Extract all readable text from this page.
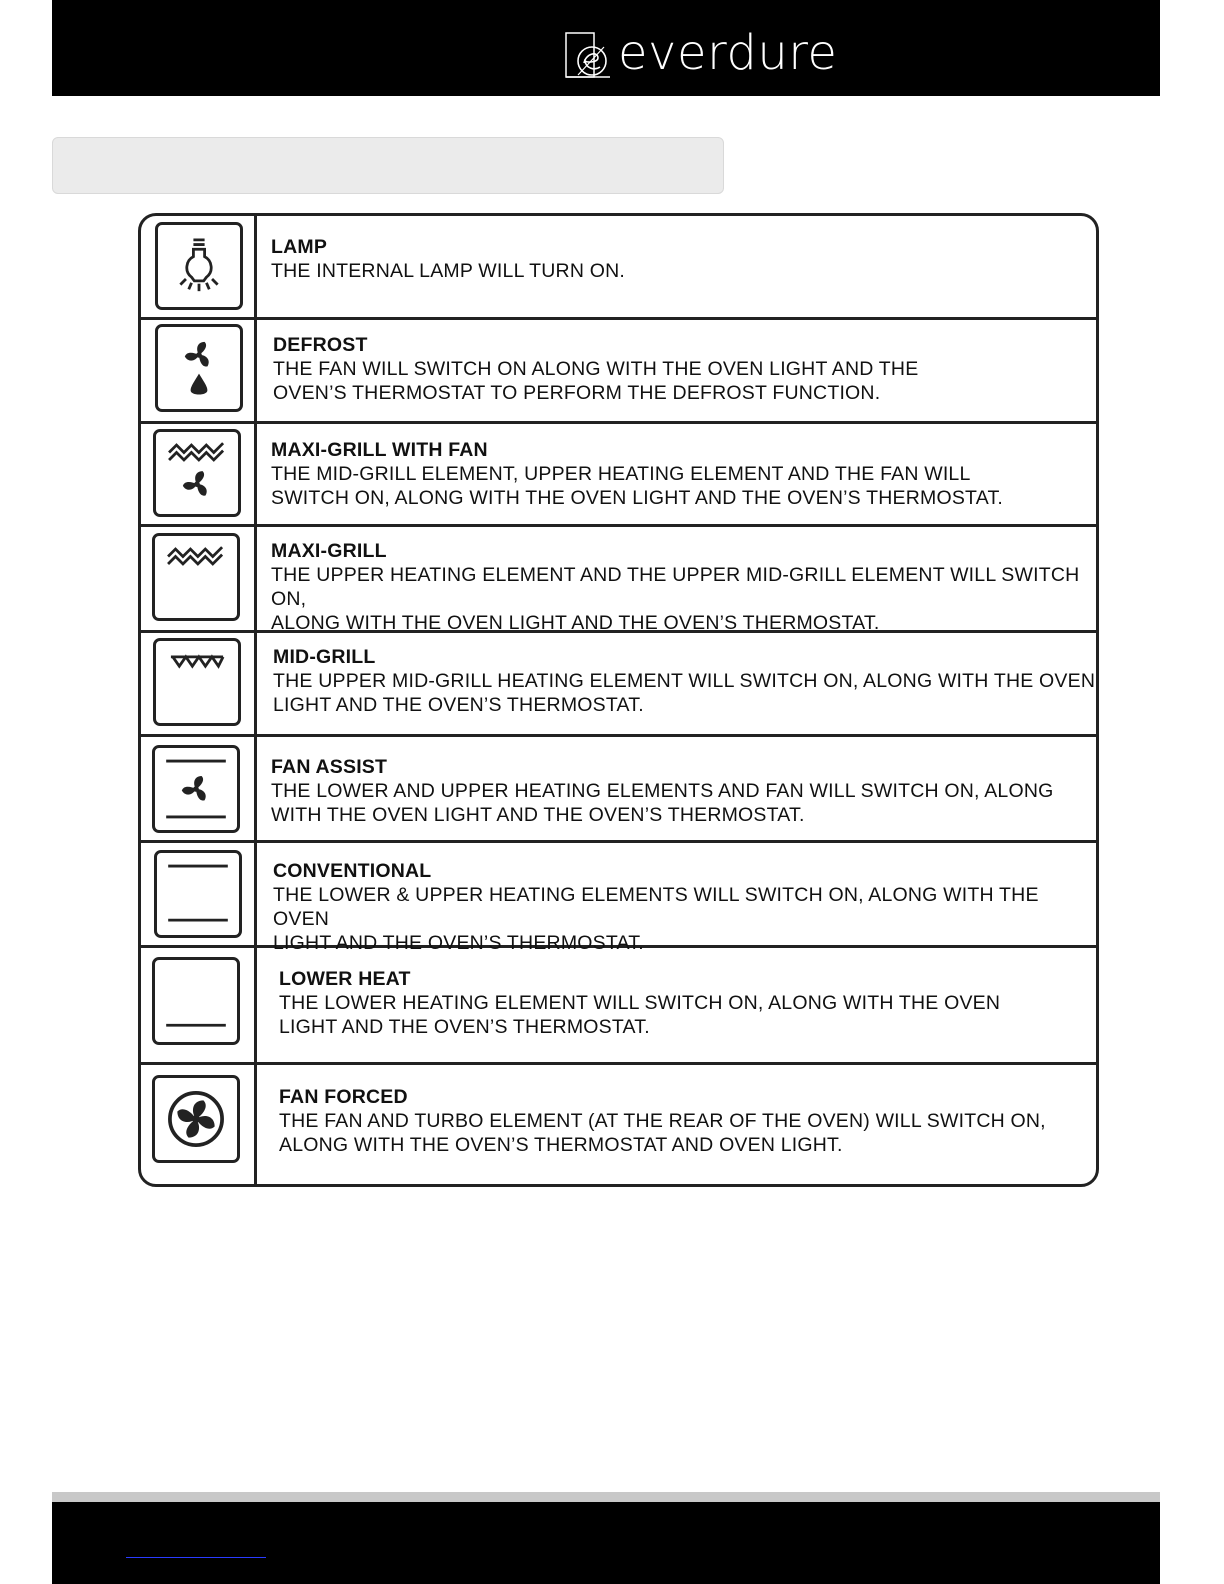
everdure
LAMP
THE INTERNAL LAMP WILL TURN ON.
DEFROST
THE FAN WILL SWITCH ON ALONG WITH THE OVEN LIGHT AND THE
OVEN’S THERMOSTAT TO PERFORM THE DEFROST FUNCTION.
MAXI-GRILL WITH FAN
THE MID-GRILL ELEMENT, UPPER HEATING ELEMENT AND THE FAN WILL
SWITCH ON, ALONG WITH THE OVEN LIGHT AND THE OVEN’S THERMOSTAT.
MAXI-GRILL
THE UPPER HEATING ELEMENT AND THE UPPER MID-GRILL ELEMENT WILL SWITCH ON,
ALONG WITH THE OVEN LIGHT AND THE OVEN’S THERMOSTAT.
MID-GRILL
THE UPPER MID-GRILL HEATING ELEMENT WILL SWITCH ON, ALONG WITH THE OVEN
LIGHT AND THE OVEN’S THERMOSTAT.
FAN ASSIST
THE LOWER AND UPPER HEATING ELEMENTS AND FAN WILL SWITCH ON, ALONG
WITH THE OVEN LIGHT AND THE OVEN’S THERMOSTAT.
CONVENTIONAL
THE LOWER & UPPER HEATING ELEMENTS WILL SWITCH ON, ALONG WITH THE OVEN
LIGHT AND THE OVEN’S THERMOSTAT.
LOWER HEAT
THE LOWER HEATING ELEMENT WILL SWITCH ON, ALONG WITH THE OVEN
LIGHT AND THE OVEN’S THERMOSTAT.
FAN FORCED
THE FAN AND TURBO ELEMENT (AT THE REAR OF THE OVEN) WILL SWITCH ON,
ALONG WITH THE OVEN’S THERMOSTAT AND OVEN LIGHT.
